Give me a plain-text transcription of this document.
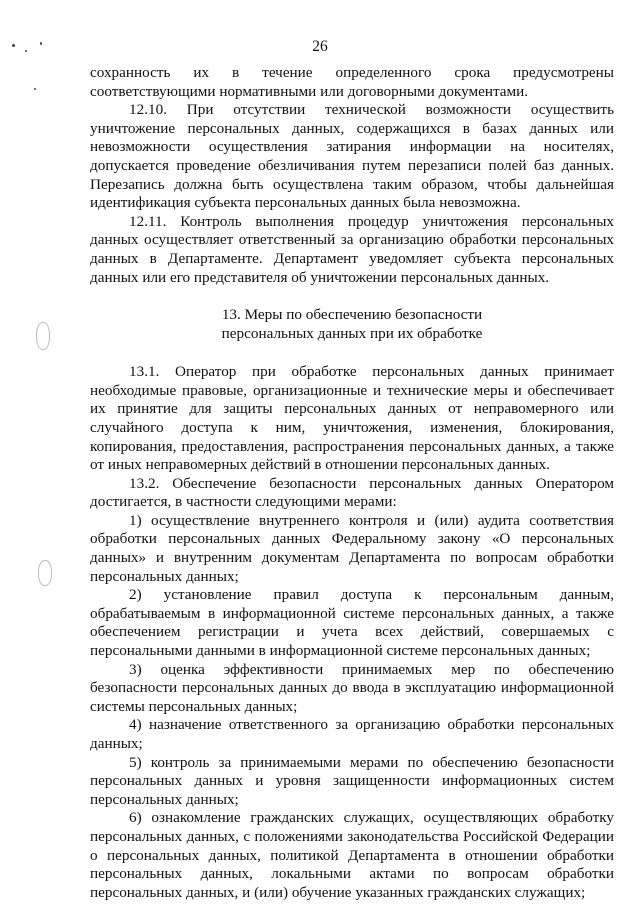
26

сохранность их в течение определенного срока предусмотрены соответствующими нормативными или договорными документами.

12.10. При отсутствии технической возможности осуществить уничтожение персональных данных, содержащихся в базах данных или невозможности осуществления затирания информации на носителях, допускается проведение обезличивания путем перезаписи полей баз данных. Перезапись должна быть осуществлена таким образом, чтобы дальнейшая идентификация субъекта персональных данных была невозможна.

12.11. Контроль выполнения процедур уничтожения персональных данных осуществляет ответственный за организацию обработки персональных данных в Департаменте. Департамент уведомляет субъекта персональных данных или его представителя об уничтожении персональных данных.

13. Меры по обеспечению безопасности
персональных данных при их обработке

13.1. Оператор при обработке персональных данных принимает необходимые правовые, организационные и технические меры и обеспечивает их принятие для защиты персональных данных от неправомерного или случайного доступа к ним, уничтожения, изменения, блокирования, копирования, предоставления, распространения персональных данных, а также от иных неправомерных действий в отношении персональных данных.

13.2. Обеспечение безопасности персональных данных Оператором достигается, в частности следующими мерами:

1) осуществление внутреннего контроля и (или) аудита соответствия обработки персональных данных Федеральному закону «О персональных данных» и внутренним документам Департамента по вопросам обработки персональных данных;

2) установление правил доступа к персональным данным, обрабатываемым в информационной системе персональных данных, а также обеспечением регистрации и учета всех действий, совершаемых с персональными данными в информационной системе персональных данных;

3) оценка эффективности принимаемых мер по обеспечению безопасности персональных данных до ввода в эксплуатацию информационной системы персональных данных;

4) назначение ответственного за организацию обработки персональных данных;

5) контроль за принимаемыми мерами по обеспечению безопасности персональных данных и уровня защищенности информационных систем персональных данных;

6) ознакомление гражданских служащих, осуществляющих обработку персональных данных, с положениями законодательства Российской Федерации о персональных данных, политикой Департамента в отношении обработки персональных данных, локальными актами по вопросам обработки персональных данных, и (или) обучение указанных гражданских служащих;
